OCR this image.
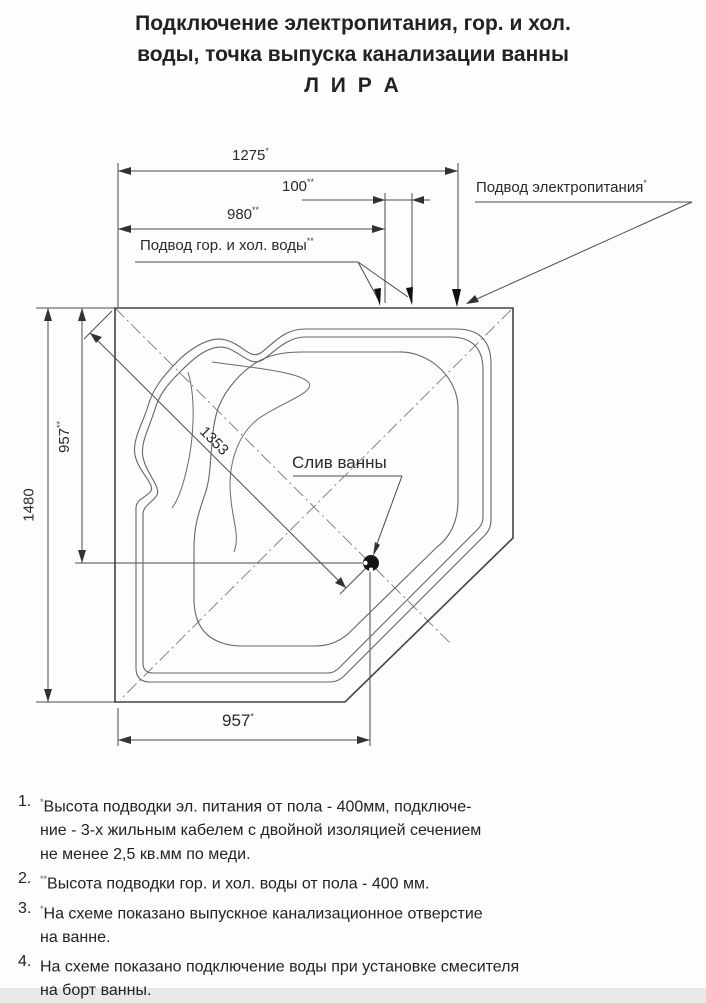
Подключение электропитания, гор. и хол.
воды, точка выпуска канализации ванны
Л И Р А
1275*
100**
980**
1480
957**	1353
957*
Подвод электропитания*
Подвод гор. и хол. воды**
Слив ванны
1. *Высота подводки эл. питания от пола - 400мм, подключе-
ние - 3-х жильным кабелем с двойной изоляцией сечением
не менее 2,5 кв.мм по меди.
2. **Высота подводки гор. и хол. воды от пола - 400 мм.
3. *На схеме показано выпускное канализационное отверстие
на ванне.
4. На схеме показано подключение воды при установке смесителя
на борт ванны.
